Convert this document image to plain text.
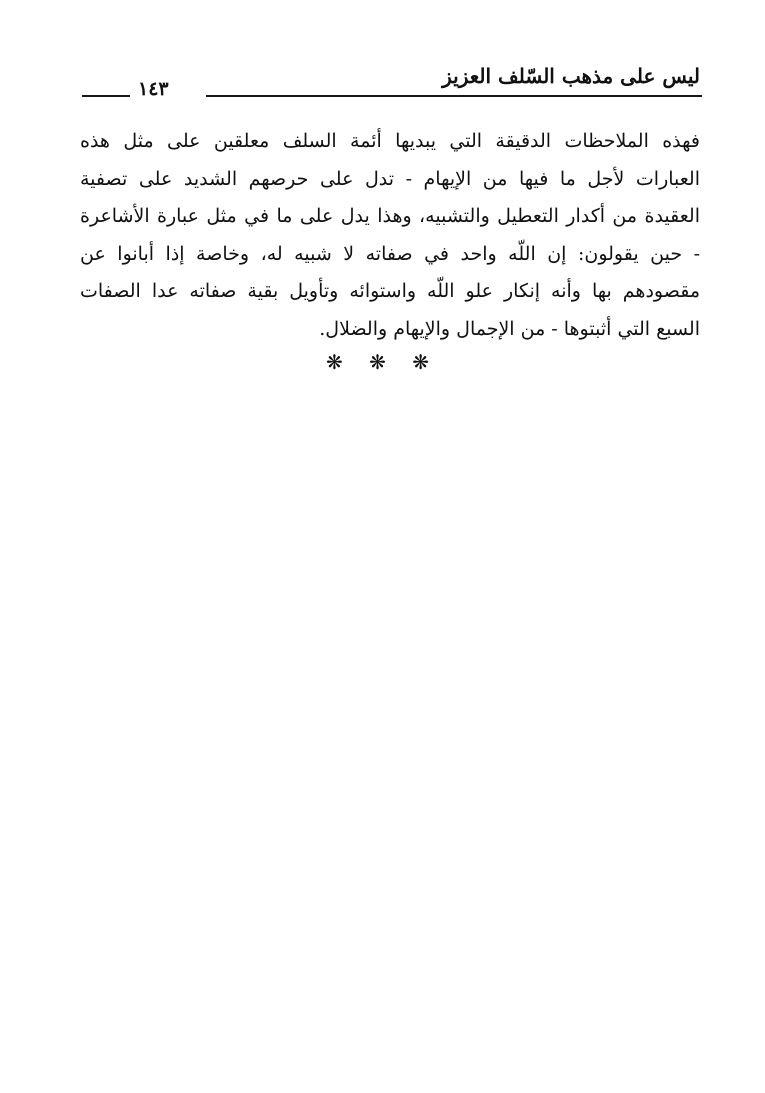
ليس على مذهب السّلف العزيز
١٤٣
فهذه الملاحظات الدقيقة التي يبديها أئمة السلف معلقين على مثل هذه
العبارات لأجل ما فيها من الإيهام - تدل على حرصهم الشديد على تصفية
العقيدة من أكدار التعطيل والتشبيه، وهذا يدل على ما في مثل عبارة الأشاعرة
- حين يقولون: إن اللّه واحد في صفاته لا شبيه له، وخاصة إذا أبانوا عن
مقصودهم بها وأنه إنكار علو اللّه واستوائه وتأويل بقية صفاته عدا الصفات
السبع التي أثبتوها - من الإجمال والإيهام والضلال.
❋ ❋ ❋
